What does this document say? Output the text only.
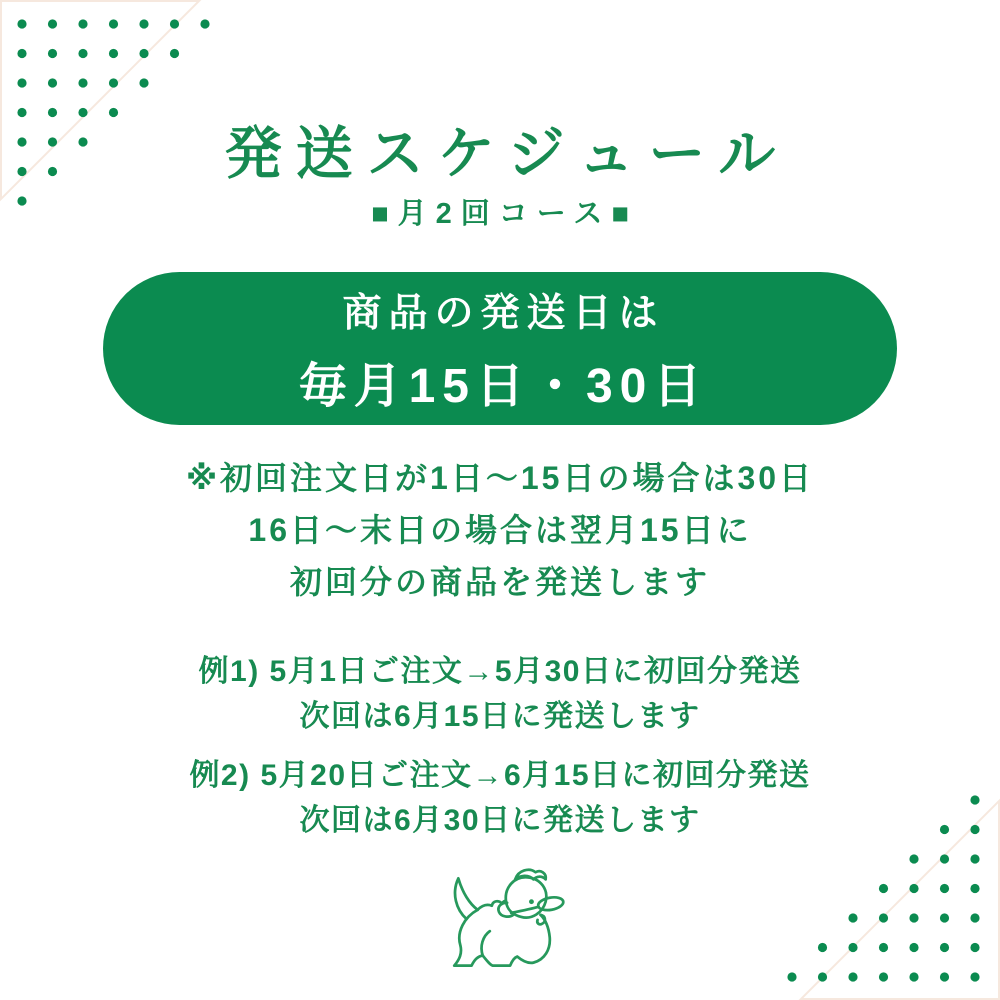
発送スケジュール
■月2回コース■
商品の発送日は
毎月15日・30日
※初回注文日が1日～15日の場合は30日
16日～末日の場合は翌月15日に
初回分の商品を発送します
例1) 5月1日ご注文→5月30日に初回分発送
次回は6月15日に発送します
例2) 5月20日ご注文→6月15日に初回分発送
次回は6月30日に発送します
